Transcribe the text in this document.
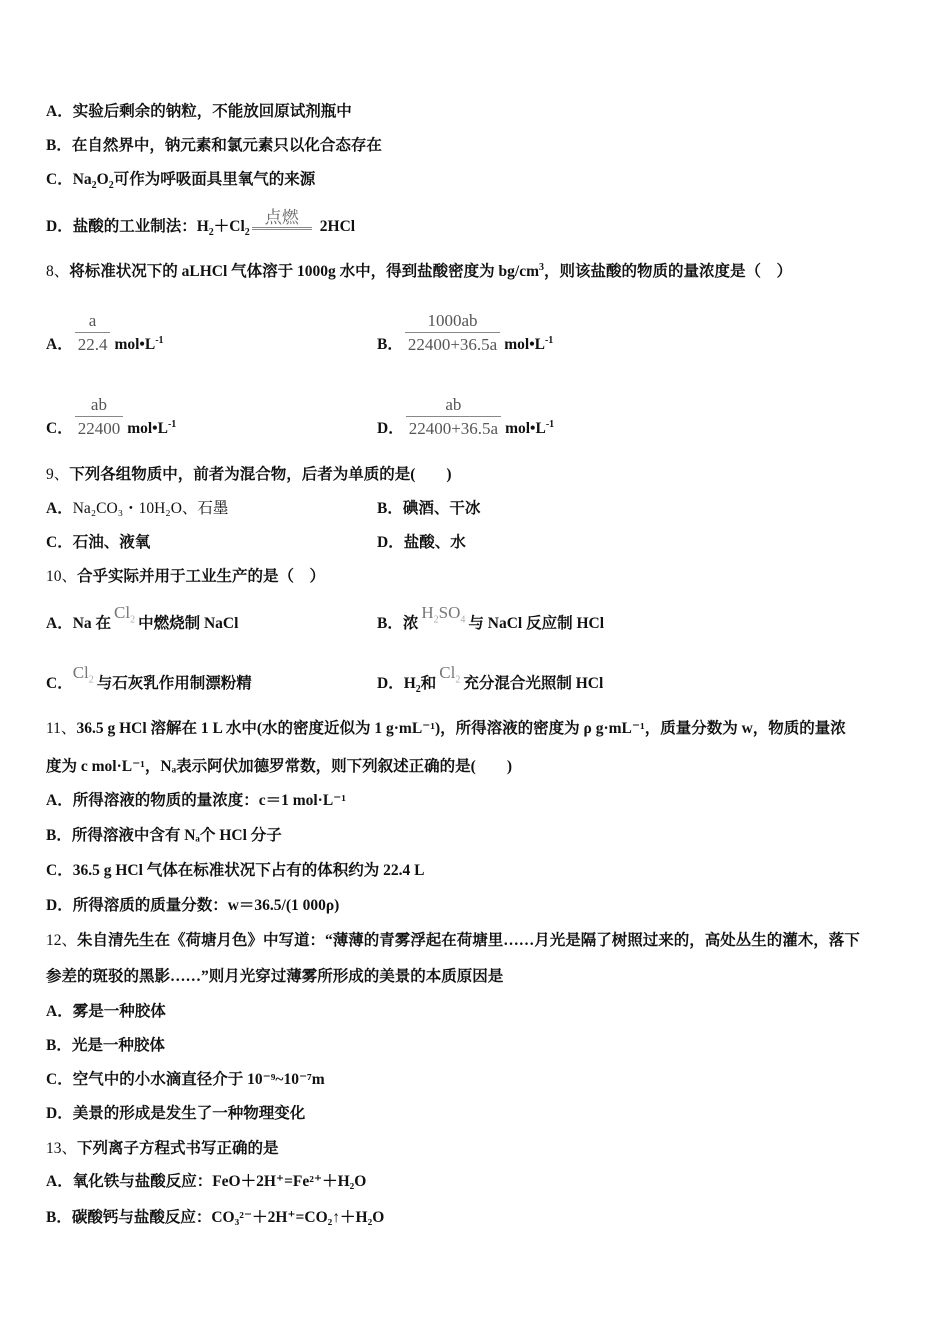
A．实验后剩余的钠粒，不能放回原试剂瓶中
B．在自然界中，钠元素和氯元素只以化合态存在
C．$Na_2O_2$可作为呼吸面具里氧气的来源
D．盐酸的工业制法：$H_2+Cl_2$
点燃 2HCl
8、将标准状况下的 aLHCl 气体溶于 1000g 水中，得到盐酸密度为 $bg/cm^3$，则该盐酸的物质的量浓度是（　）
A． $\frac{a}{22.4}$ $mol•L^{-1}$	B． $\frac{1000ab}{22400+36.5a}$ $mol•L^{-1}$
C． $\frac{ab}{22400}$ $mol•L^{-1}$	D． $\frac{ab}{22400+36.5a}$ $mol•L^{-1}$
9、下列各组物质中，前者为混合物，后者为单质的是(　　)
A．Na₂CO₃・10H₂O、石墨	B．碘酒、干冰
C．石油、液氧	D．盐酸、水
10、合乎实际并用于工业生产的是（　）
A．Na 在$Cl_2$ 中燃烧制 NaCl	B．浓$H_2SO_4$ 与 NaCl 反应制 HCl
C．$Cl_2$ 与石灰乳作用制漂粉精	D．$H_2$和$Cl_2$ 充分混合光照制 HCl
11、36.5 g HCl 溶解在 1 L 水中(水的密度近似为 1 g·mL⁻¹)，所得溶液的密度为 ρ g·mL⁻¹，质量分数为 w，物质的量浓
度为 c mol·L⁻¹，Nₐ表示阿伏加德罗常数，则下列叙述正确的是(　　)
A．所得溶液的物质的量浓度：c＝1 mol·L⁻¹
B．所得溶液中含有 Nₐ个 HCl 分子
C．36.5 g HCl 气体在标准状况下占有的体积约为 22.4 L
D．所得溶质的质量分数：w＝36.5/(1 000ρ)
12、朱自清先生在《荷塘月色》中写道：“薄薄的青雾浮起在荷塘里……月光是隔了树照过来的，高处丛生的灌木，落下
参差的斑驳的黑影……”则月光穿过薄雾所形成的美景的本质原因是
A．雾是一种胶体
B．光是一种胶体
C．空气中的小水滴直径介于 10⁻⁹~10⁻⁷m
D．美景的形成是发生了一种物理变化
13、下列离子方程式书写正确的是
A．氧化铁与盐酸反应：FeO＋2H⁺=Fe²⁺＋H₂O
B．碳酸钙与盐酸反应：CO₃²⁻＋2H⁺=CO₂↑＋H₂O
